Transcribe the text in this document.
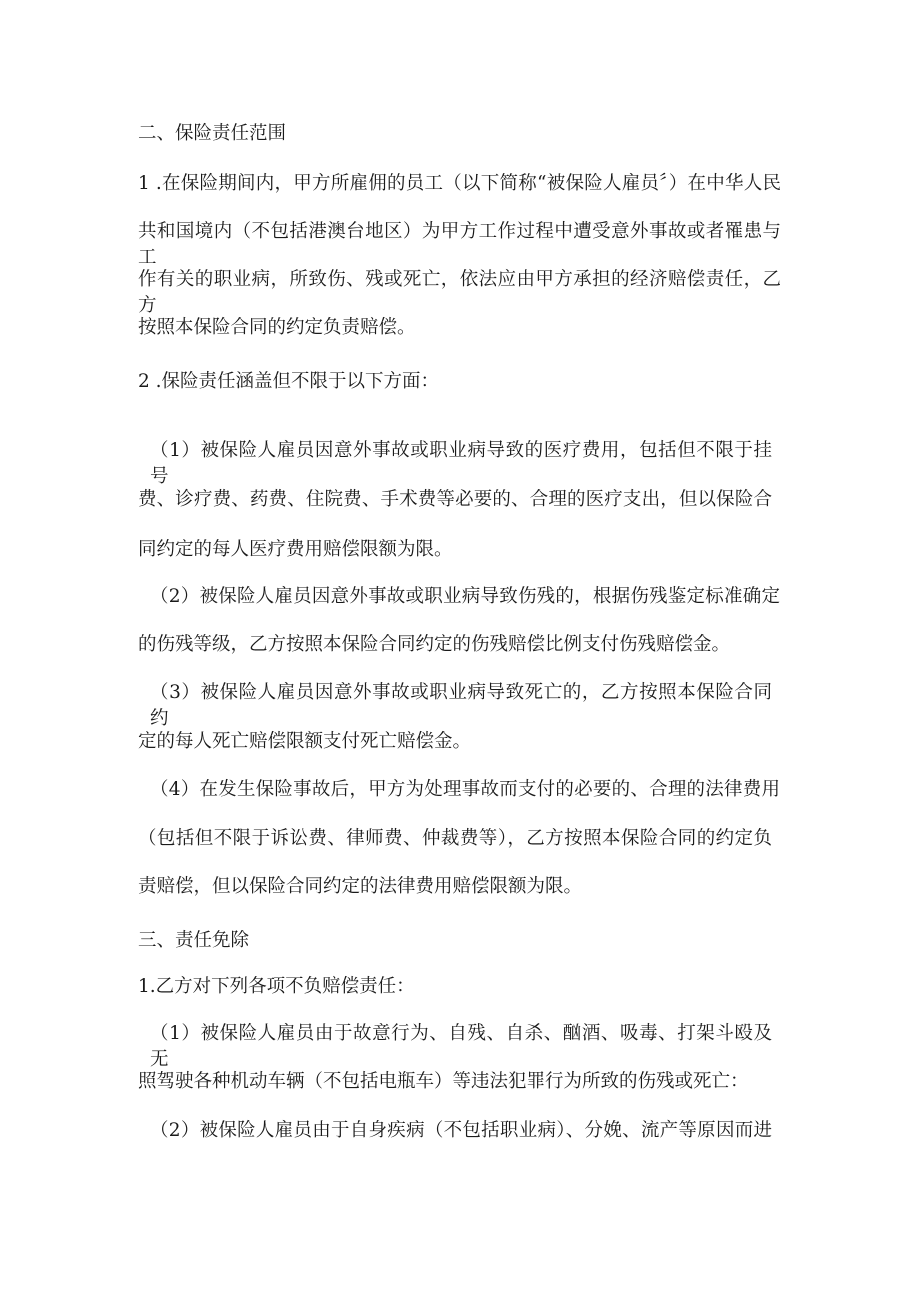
二、保险责任范围

1 .在保险期间内，甲方所雇佣的员工（以下简称“被保险人雇员〞）在中华人民

共和国境内（不包括港澳台地区）为甲方工作过程中遭受意外事故或者罹患与工

作有关的职业病，所致伤、残或死亡，依法应由甲方承担的经济赔偿责任，乙方

按照本保险合同的约定负责赔偿。

2 .保险责任涵盖但不限于以下方面：

（1）被保险人雇员因意外事故或职业病导致的医疗费用，包括但不限于挂号

费、诊疗费、药费、住院费、手术费等必要的、合理的医疗支出，但以保险合

同约定的每人医疗费用赔偿限额为限。

（2）被保险人雇员因意外事故或职业病导致伤残的，根据伤残鉴定标准确定

的伤残等级，乙方按照本保险合同约定的伤残赔偿比例支付伤残赔偿金。

（3）被保险人雇员因意外事故或职业病导致死亡的，乙方按照本保险合同约

定的每人死亡赔偿限额支付死亡赔偿金。

（4）在发生保险事故后，甲方为处理事故而支付的必要的、合理的法律费用

（包括但不限于诉讼费、律师费、仲裁费等），乙方按照本保险合同的约定负

责赔偿，但以保险合同约定的法律费用赔偿限额为限。

三、责任免除

1.乙方对下列各项不负赔偿责任：

（1）被保险人雇员由于故意行为、自残、自杀、酗酒、吸毒、打架斗殴及无

照驾驶各种机动车辆（不包括电瓶车）等违法犯罪行为所致的伤残或死亡：

（2）被保险人雇员由于自身疾病（不包括职业病）、分娩、流产等原因而进
